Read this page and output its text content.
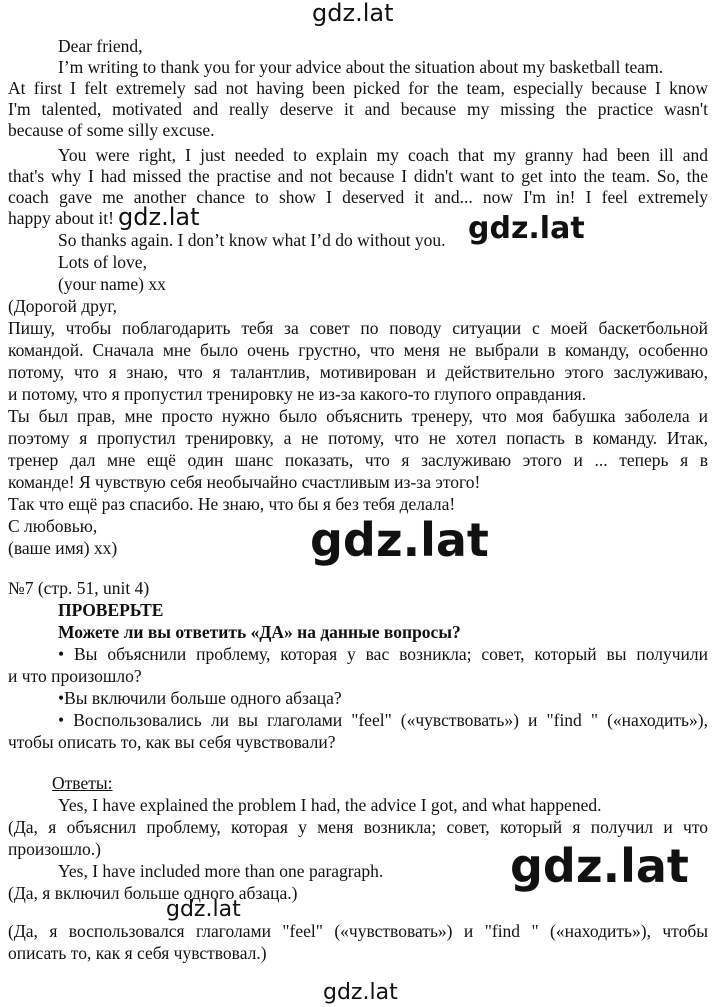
gdz.lat
Dear friend,
I’m writing to thank you for your advice about the situation about my basketball team.
At first I felt extremely sad not having been picked for the team, especially because I know
I'm talented, motivated and really deserve it and because my missing the practice wasn't
because of some silly excuse.
You were right, I just needed to explain my coach that my granny had been ill and
that's why I had missed the practise and not because I didn't want to get into the team. So, the
coach gave me another chance to show I deserved it and... now I'm in! I feel extremely
happy about it! gdz.lat
So thanks again. I don’t know what I’d do without you. gdz.lat
Lots of love,
(your name) xx
(Дорогой друг,
Пишу, чтобы поблагодарить тебя за совет по поводу ситуации с моей баскетбольной
командой. Сначала мне было очень грустно, что меня не выбрали в команду, особенно
потому, что я знаю, что я талантлив, мотивирован и действительно этого заслуживаю,
и потому, что я пропустил тренировку не из-за какого-то глупого оправдания.
Ты был прав, мне просто нужно было объяснить тренеру, что моя бабушка заболела и
поэтому я пропустил тренировку, а не потому, что не хотел попасть в команду. Итак,
тренер дал мне ещё один шанс показать, что я заслуживаю этого и ... теперь я в
команде! Я чувствую себя необычайно счастливым из-за этого!
Так что ещё раз спасибо. Не знаю, что бы я без тебя делала!
С любовью,
(ваше имя) xx)	gdz.lat
№7 (стр. 51, unit 4)
ПРОВЕРЬТЕ
Можете ли вы ответить «ДА» на данные вопросы?
• Вы объяснили проблему, которая у вас возникла; совет, который вы получили
и что произошло?
•Вы включили больше одного абзаца?
• Воспользовались ли вы глаголами "feel" («чувствовать») и "find " («находить»),
чтобы описать то, как вы себя чувствовали?
Ответы:
Yes, I have explained the problem I had, the advice I got, and what happened.
(Да, я объяснил проблему, которая у меня возникла; совет, который я получил и что
произошло.)
Yes, I have included more than one paragraph.
(Да, я включил больше одного абзаца.)	gdz.lat
gdz.lat
(Да, я воспользовался глаголами "feel" («чувствовать») и "find " («находить»), чтобы
описать то, как я себя чувствовал.)
gdz.lat
